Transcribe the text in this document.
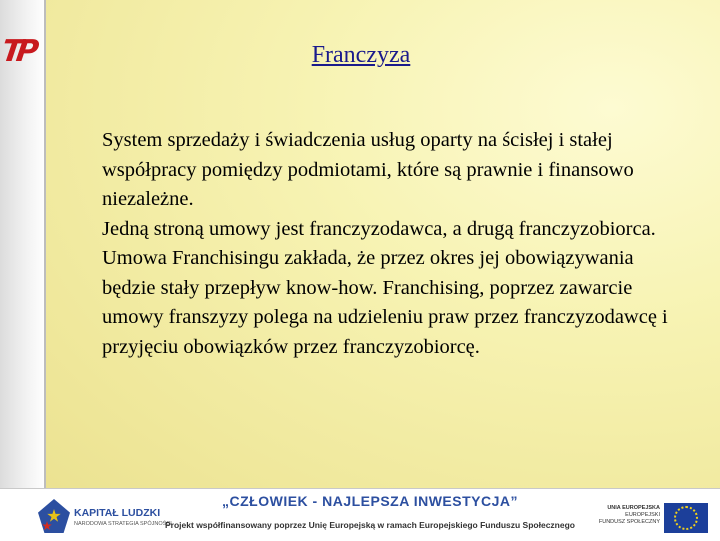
TP	Franczyza

System sprzedaży i świadczenia usług oparty na ścisłej i stałej współpracy pomiędzy podmiotami, które są prawnie i finansowo niezależne.

Jedną stroną umowy jest franczyzodawca, a drugą franczyzobiorca. Umowa Franchisingu zakłada, że przez okres jej obowiązywania będzie stały przepływ know-how. Franchising, poprzez zawarcie umowy franszyzy polega na udzieleniu praw przez franczyzodawcę i przyjęciu obowiązków przez franczyzobiorcę.

KAPITAŁ LUDZKI
NARODOWA STRATEGIA SPÓJNOŚCI
„CZŁOWIEK - NAJLEPSZA INWESTYCJA”
Projekt współfinansowany poprzez Unię Europejską w ramach Europejskiego Funduszu Społecznego
UNIA EUROPEJSKA
EUROPEJSKI
FUNDUSZ SPOŁECZNY
